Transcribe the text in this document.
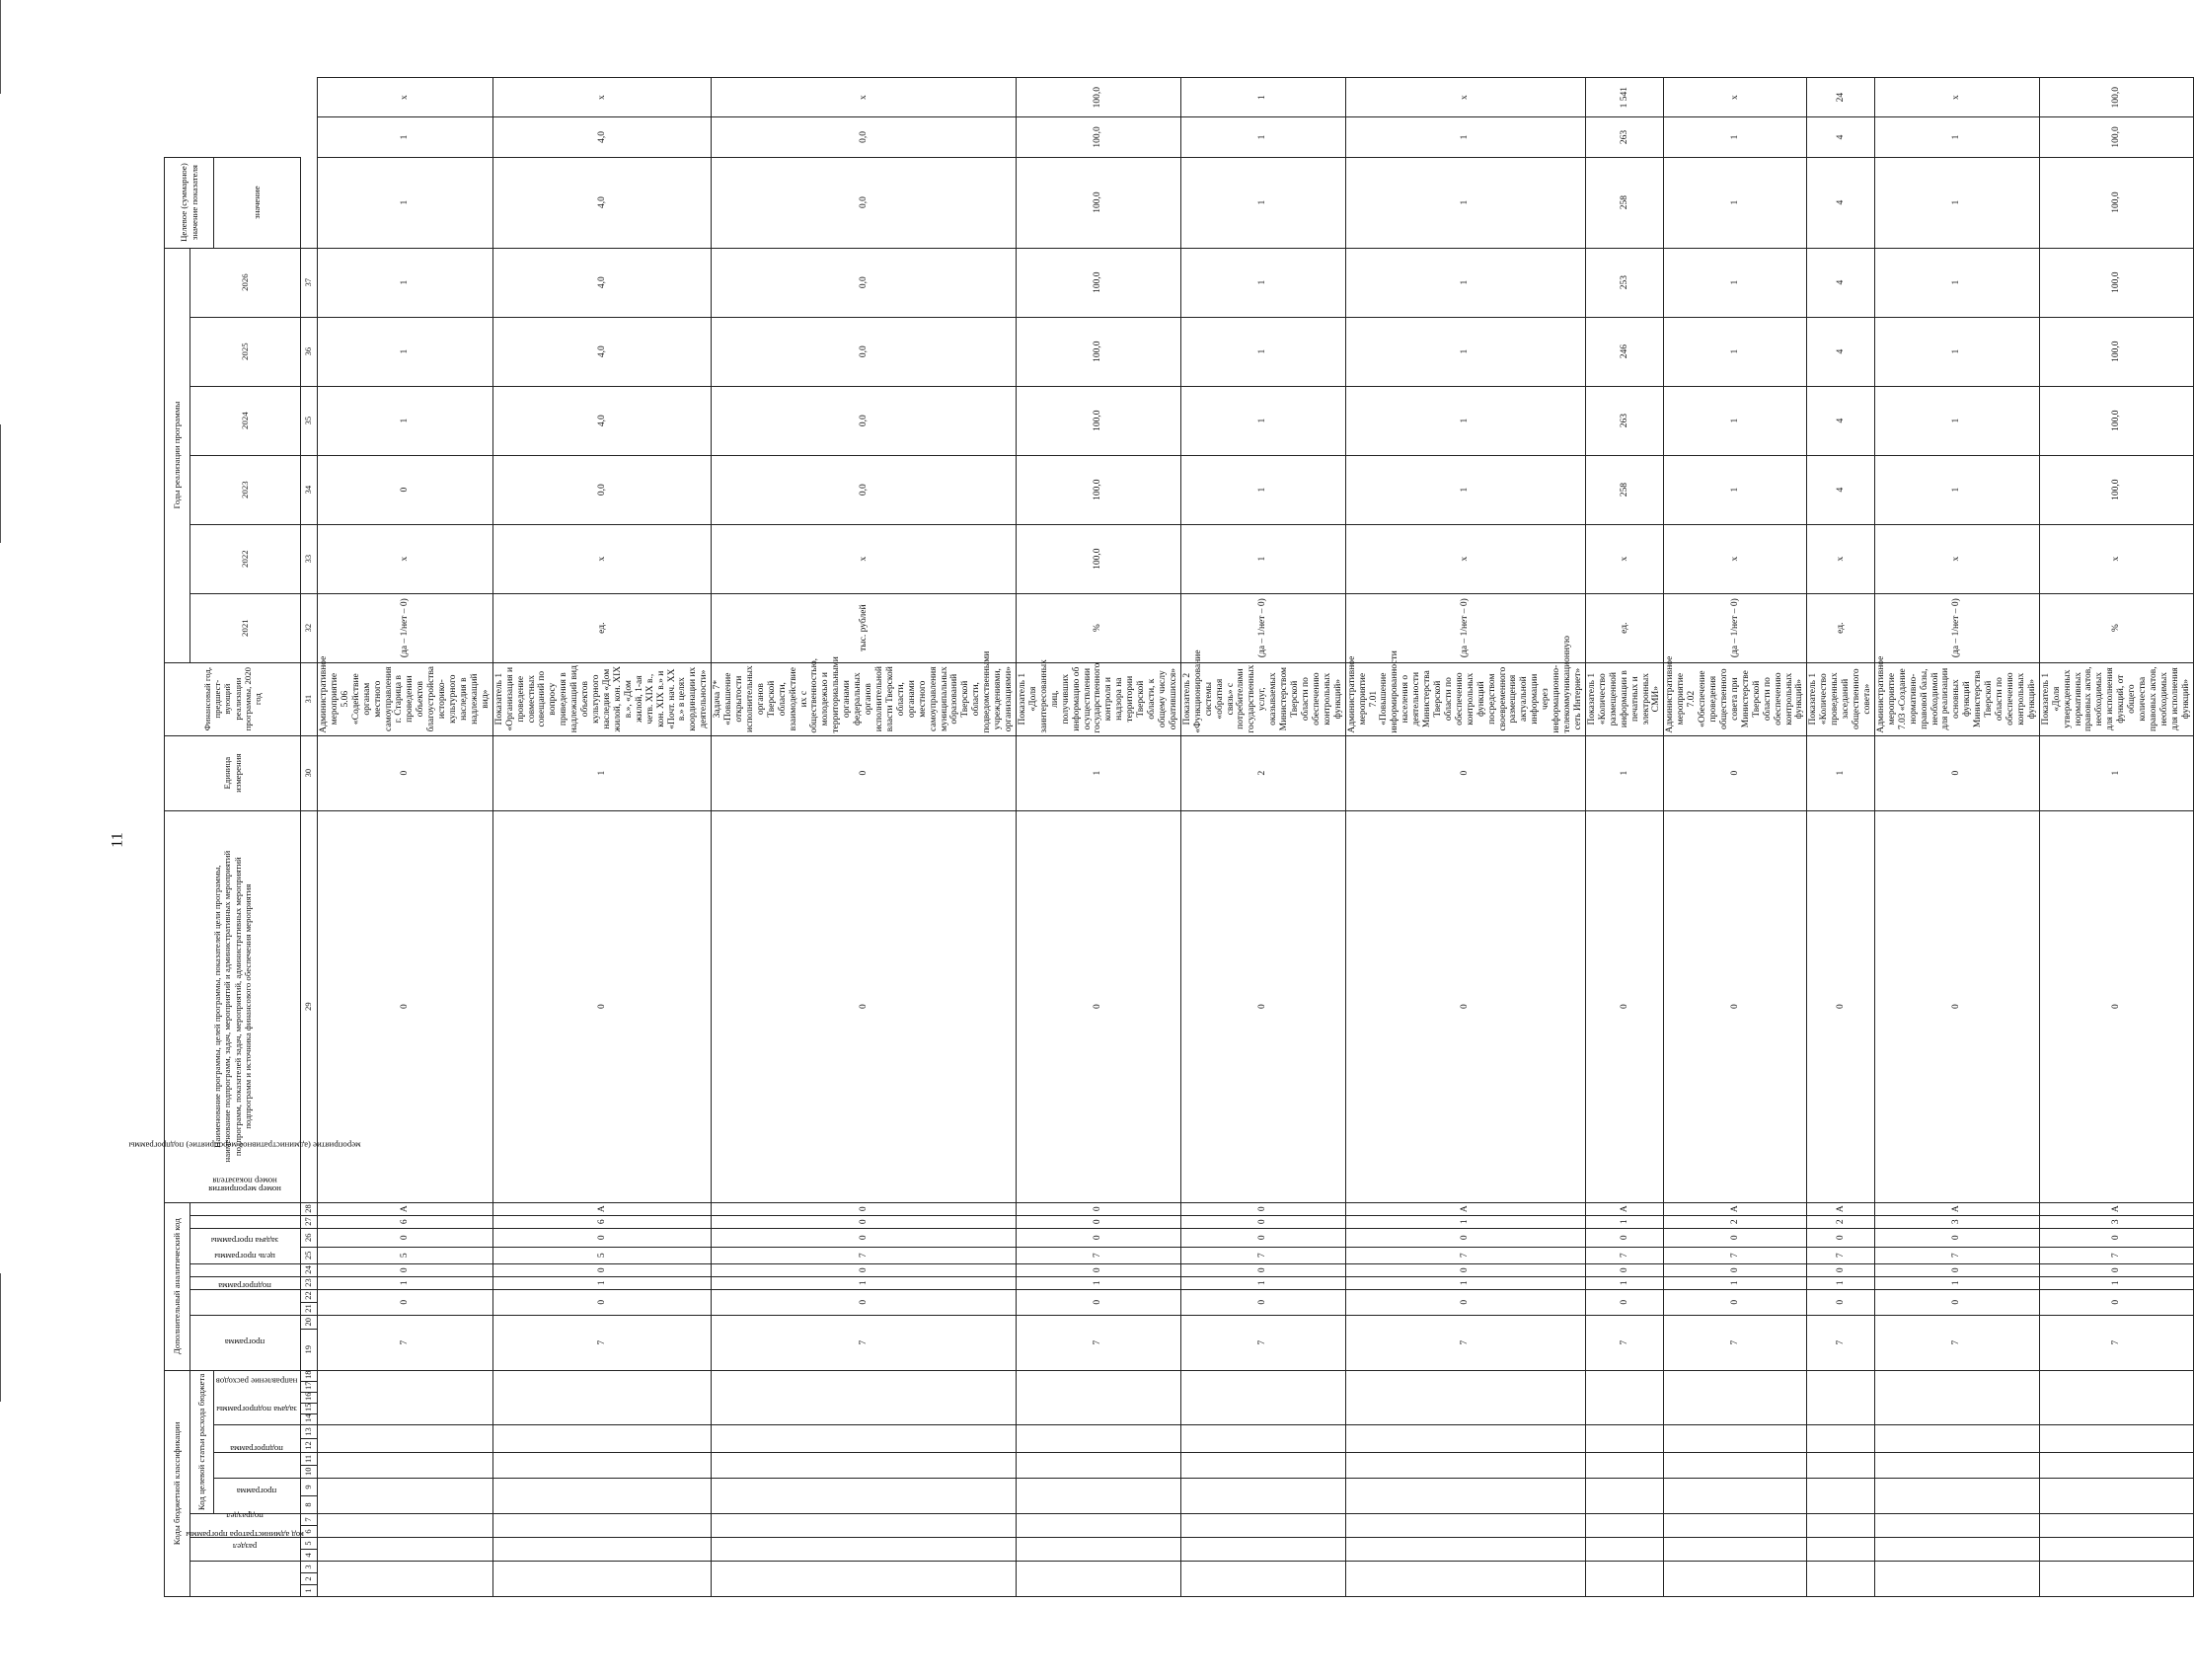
11
Коды бюджетной классификации																		Дополнительный аналитический код										Наименование программы, целей программы, показателей цели программы, наименование подпрограмм, задач, мероприятий и административных мероприятий подпрограмм, показателей задач, мероприятий, административных мероприятий подпрограмм и источника финансового обеспечения мероприятия	Единица измерения	Финансовый год, предшест-вующий реализации программы, 2020 год	Годы реализации программы						Целевое (суммарное) значение показателя		
код администратора программы			раздел		подраздел		Код целевой статьи расхода бюджета											программа		подпрограмма		цель программы	задача программы	мероприятие (административное мероприятие) подпрограммы		номер мероприятия	номер показателя				2021	2022	2023	2024	2025	2026			
							программа		подпрограмма		задача подпрограммы		направление расходов																								значение		
1	2	3	4	5	6	7	8	9	10	11	12	13	14	15	16	17	18	19	20	21	22	23	24	25	26	27	28	29	30	31	32	33	34	35	36	37			
																		7		0		1	0	5	0	6	А	0	0	Административное мероприятие 5.06 «Содействие органам местного самоуправления г. Старица в проведении объектов благоустройства историко-культурного наследия в надлежащий вид»	(да – 1/нет – 0)	х	0	1	1	1	1	1	х
																		7		0		1	0	5	0	6	А	0	1	Показатель 1 «Организация и проведение совместных совещаний по вопросу приведения в надлежащий вид объектов культурного наследия «Дом жилой, кон. XIX в.», «Дом жилой, 1-ая четв. XIX в., кон. XIX в.» и «Почт. нач. XX в.» в целях координации их деятельности»	ед.	х	0,0	4,0	4,0	4,0	4,0	4,0	х
																		7		0		1	0	7	0	0	0	0	0	Задача 7* «Повышение открытости исполнительных органов Тверской области, взаимодействие их с общественностью, молодежью и территориальными органами федеральных органов исполнительной власти Тверской области, органами местного самоуправления муниципальных образований Тверской области, подведомственными учреждениями, организациями»	тыс. рублей	х	0,0	0,0	0,0	0,0	0,0	0,0	х
																		7		0		1	0	7	0	0	0	0	1	Показатель 1 «Доля заинтересованных лиц, получивших информацию об осуществлении государственного контроля и надзора на территории Тверской области, к общему числу обратившихся»	%	100,0	100,0	100,0	100,0	100,0	100,0	100,0	100,0
																		7		0		1	0	7	0	0	0	0	2	Показатель 2 «Функционирование системы «обратная связь» с потребителями государственных услуг, оказываемых Министерством Тверской области по обеспечению контрольных функций»	(да – 1/нет – 0)	1	1	1	1	1	1	1	1
																		7		0		1	0	7	0	1	А	0	0	Административное мероприятие 7.01 «Повышение информированности населения о деятельности Министерства Тверской области по обеспечению контрольных функций посредством своевременного размещения актуальной информации через информационно-телекоммуникационную сеть Интернет»	(да – 1/нет – 0)	х	1	1	1	1	1	1	х
																		7		0		1	0	7	0	1	А	0	1	Показатель 1 «Количество размещенной информации в печатных и электронных СМИ»	ед.	х	258	263	246	253	258	263	1 541
																		7		0		1	0	7	0	2	А	0	0	Административное мероприятие 7.02 «Обеспечение проведения общественного совета при Министерстве Тверской области по обеспечению контрольных функций»	(да – 1/нет – 0)	х	1	1	1	1	1	1	х
																		7		0		1	0	7	0	2	А	0	1	Показатель 1 «Количество проведенных заседаний общественного совета»	ед.	х	4	4	4	4	4	4	24
																		7		0		1	0	7	0	3	А	0	0	Административное мероприятие 7.03 «Создание нормативно-правовой базы, необходимой для реализации основных функций Министерства Тверской области по обеспечению контрольных функций»	(да – 1/нет – 0)	х	1	1	1	1	1	1	х
																		7		0		1	0	7	0	3	А	0	1	Показатель 1 «Доля утвержденных нормативных правовых актов, необходимых для исполнения функций, от общего количества правовых актов, необходимых для исполнения функций»	%	х	100,0	100,0	100,0	100,0	100,0	100,0	100,0
